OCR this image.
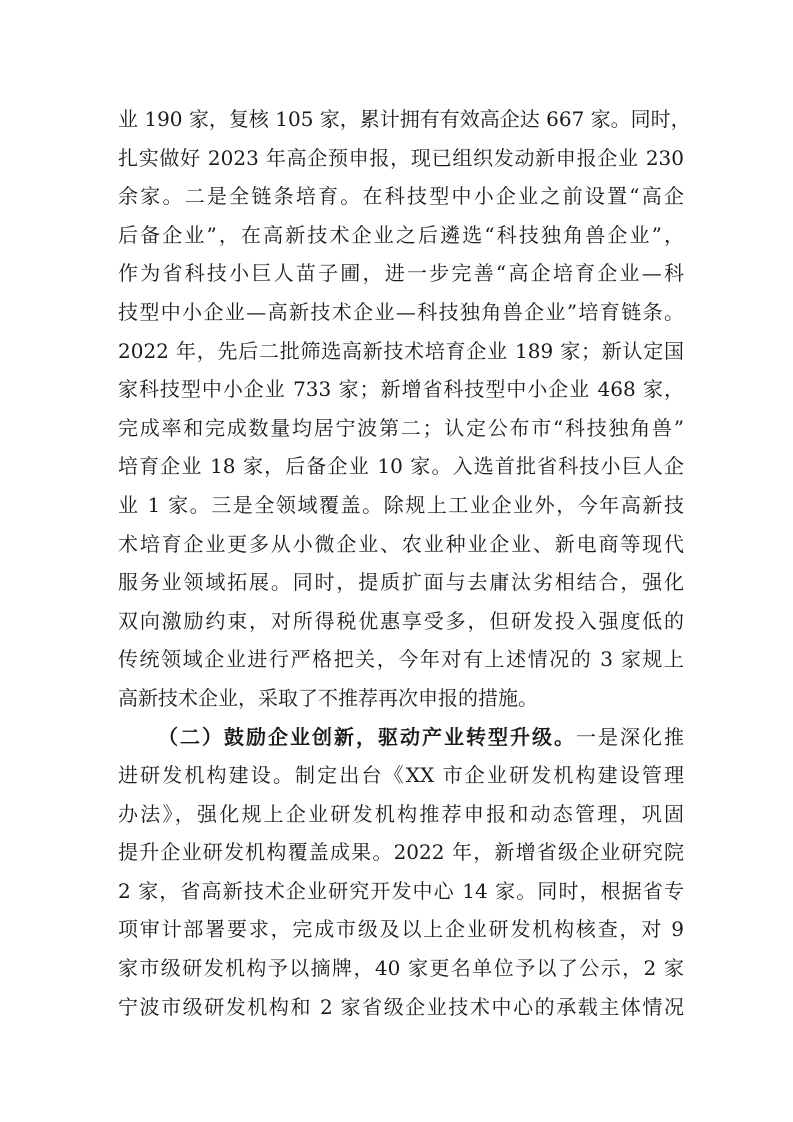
业 190 家，复核 105 家，累计拥有有效高企达 667 家。同时，
扎实做好 2023 年高企预申报，现已组织发动新申报企业 230
余家。二是全链条培育。在科技型中小企业之前设置“高企
后备企业”，在高新技术企业之后遴选“科技独角兽企业”，
作为省科技小巨人苗子圃，进一步完善“高企培育企业—科
技型中小企业—高新技术企业—科技独角兽企业”培育链条。
2022 年，先后二批筛选高新技术培育企业 189 家；新认定国
家科技型中小企业 733 家；新增省科技型中小企业 468 家，
完成率和完成数量均居宁波第二；认定公布市“科技独角兽”
培育企业 18 家，后备企业 10 家。入选首批省科技小巨人企
业 1 家。三是全领域覆盖。除规上工业企业外，今年高新技
术培育企业更多从小微企业、农业种业企业、新电商等现代
服务业领域拓展。同时，提质扩面与去庸汰劣相结合，强化
双向激励约束，对所得税优惠享受多，但研发投入强度低的
传统领域企业进行严格把关，今年对有上述情况的 3 家规上
高新技术企业，采取了不推荐再次申报的措施。
（二）鼓励企业创新，驱动产业转型升级。一是深化推
进研发机构建设。制定出台《XX 市企业研发机构建设管理
办法》，强化规上企业研发机构推荐申报和动态管理，巩固
提升企业研发机构覆盖成果。2022 年，新增省级企业研究院
2 家，省高新技术企业研究开发中心 14 家。同时，根据省专
项审计部署要求，完成市级及以上企业研发机构核查，对 9
家市级研发机构予以摘牌，40 家更名单位予以了公示，2 家
宁波市级研发机构和 2 家省级企业技术中心的承载主体情况
